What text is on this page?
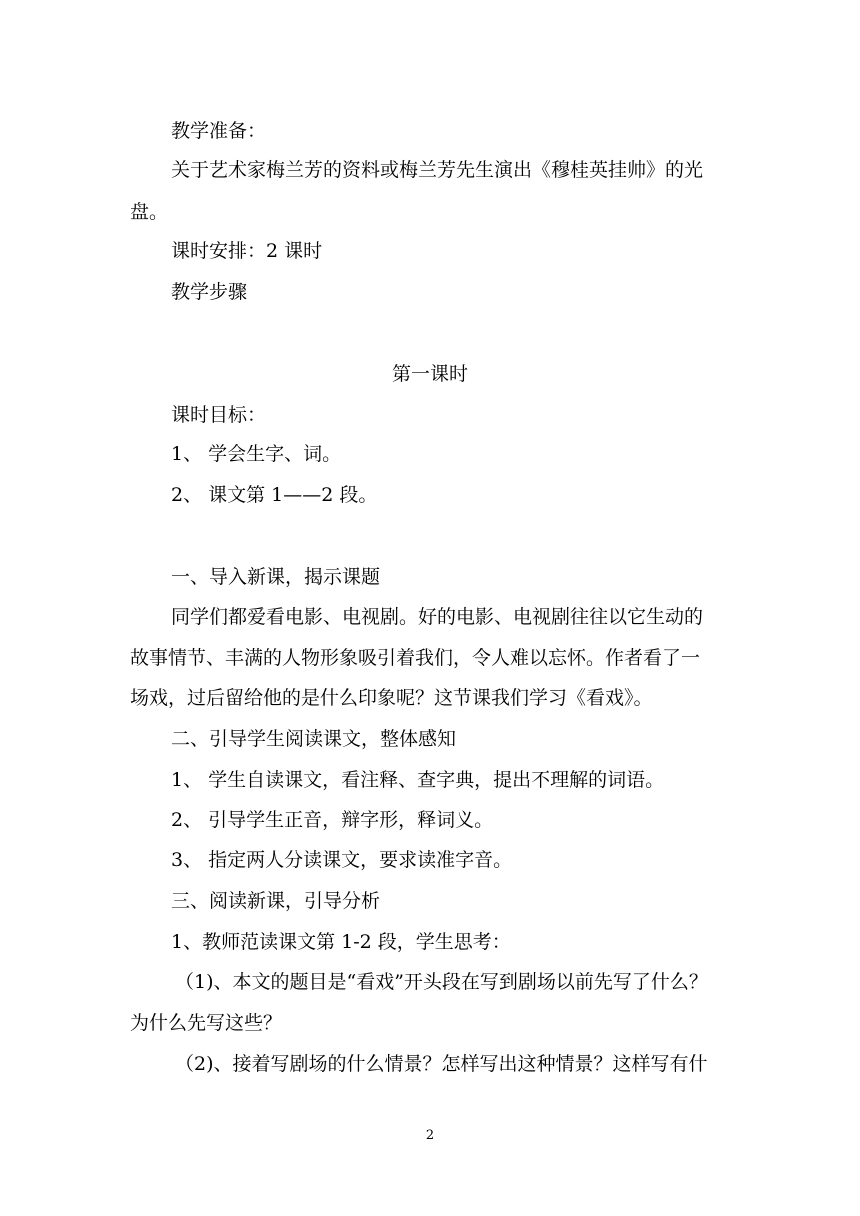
教学准备：
关于艺术家梅兰芳的资料或梅兰芳先生演出《穆桂英挂帅》的光
盘。
课时安排：2 课时
教学步骤
第一课时
课时目标：
1、 学会生字、词。
2、 课文第 1——2 段。
一、导入新课，揭示课题
同学们都爱看电影、电视剧。好的电影、电视剧往往以它生动的
故事情节、丰满的人物形象吸引着我们，令人难以忘怀。作者看了一
场戏，过后留给他的是什么印象呢？这节课我们学习《看戏》。
二、引导学生阅读课文，整体感知
1、 学生自读课文，看注释、查字典，提出不理解的词语。
2、 引导学生正音，辩字形，释词义。
3、 指定两人分读课文，要求读准字音。
三、阅读新课，引导分析
1、教师范读课文第 1-2 段，学生思考：
（1)、本文的题目是“看戏”开头段在写到剧场以前先写了什么？
为什么先写这些？
（2)、接着写剧场的什么情景？怎样写出这种情景？这样写有什
2
